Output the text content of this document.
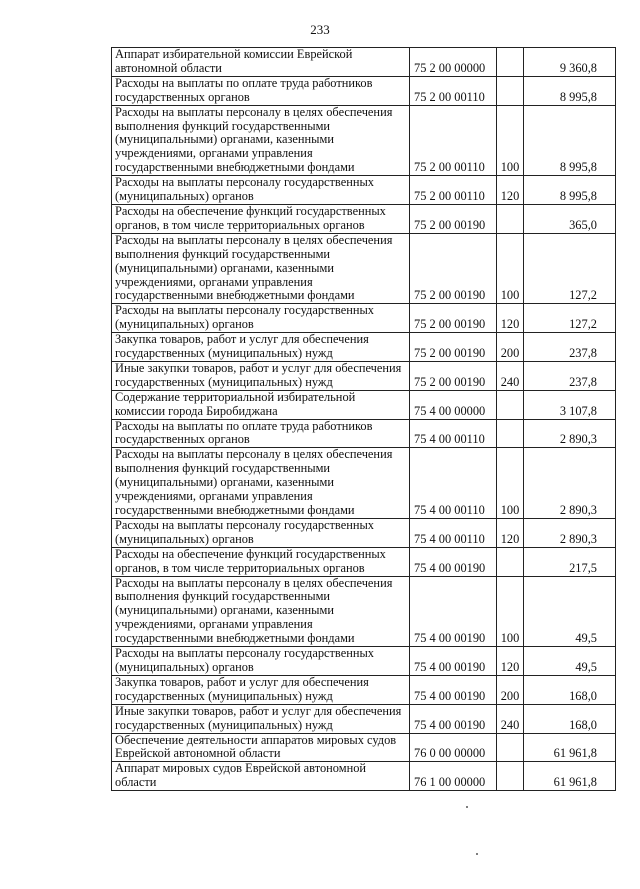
233
Аппарат избирательной комиссии Еврейской автономной области	75 2 00 00000		9 360,8
Расходы на выплаты по оплате труда работников государственных органов	75 2 00 00110		8 995,8
Расходы на выплаты персоналу в целях обеспечения выполнения функций государственными (муниципальными) органами, казенными учреждениями, органами управления государственными внебюджетными фондами	75 2 00 00110	100	8 995,8
Расходы на выплаты персоналу государственных (муниципальных) органов	75 2 00 00110	120	8 995,8
Расходы на обеспечение функций государственных органов, в том числе территориальных органов	75 2 00 00190		365,0
Расходы на выплаты персоналу в целях обеспечения выполнения функций государственными (муниципальными) органами, казенными учреждениями, органами управления государственными внебюджетными фондами	75 2 00 00190	100	127,2
Расходы на выплаты персоналу государственных (муниципальных) органов	75 2 00 00190	120	127,2
Закупка товаров, работ и услуг для обеспечения государственных (муниципальных) нужд	75 2 00 00190	200	237,8
Иные закупки товаров, работ и услуг для обеспечения государственных (муниципальных) нужд	75 2 00 00190	240	237,8
Содержание территориальной избирательной комиссии города Биробиджана	75 4 00 00000		3 107,8
Расходы на выплаты по оплате труда работников государственных органов	75 4 00 00110		2 890,3
Расходы на выплаты персоналу в целях обеспечения выполнения функций государственными (муниципальными) органами, казенными учреждениями, органами управления государственными внебюджетными фондами	75 4 00 00110	100	2 890,3
Расходы на выплаты персоналу государственных (муниципальных) органов	75 4 00 00110	120	2 890,3
Расходы на обеспечение функций государственных органов, в том числе территориальных органов	75 4 00 00190		217,5
Расходы на выплаты персоналу в целях обеспечения выполнения функций государственными (муниципальными) органами, казенными учреждениями, органами управления государственными внебюджетными фондами	75 4 00 00190	100	49,5
Расходы на выплаты персоналу государственных (муниципальных) органов	75 4 00 00190	120	49,5
Закупка товаров, работ и услуг для обеспечения государственных (муниципальных) нужд	75 4 00 00190	200	168,0
Иные закупки товаров, работ и услуг для обеспечения государственных (муниципальных) нужд	75 4 00 00190	240	168,0
Обеспечение деятельности аппаратов мировых судов Еврейской автономной области	76 0 00 00000		61 961,8
Аппарат мировых судов Еврейской автономной области	76 1 00 00000		61 961,8
